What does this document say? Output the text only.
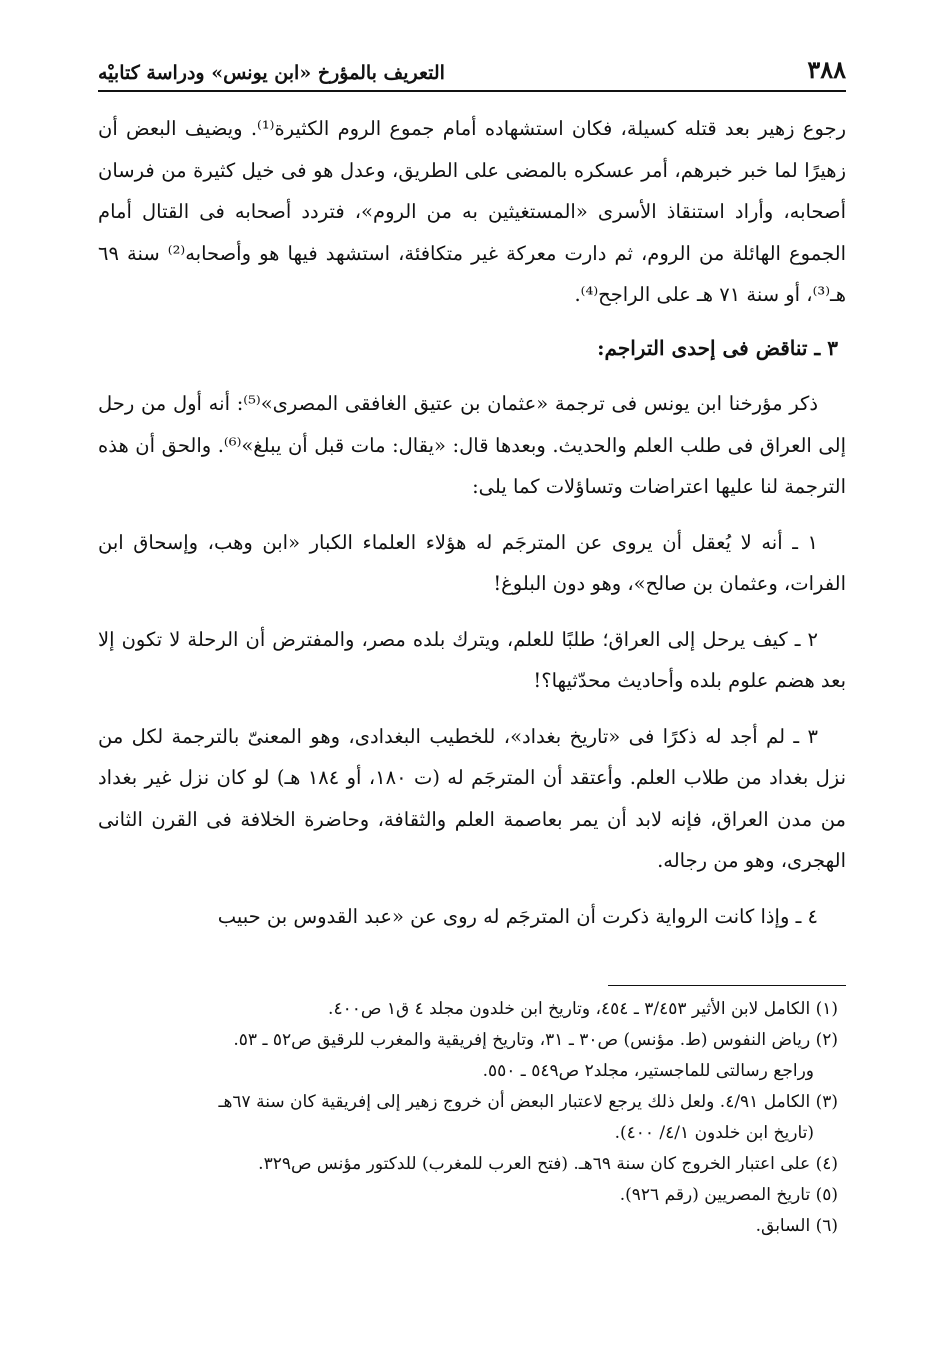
٣٨٨
التعريف بالمؤرخ «ابن يونس» ودراسة كتابيْه

رجوع زهير بعد قتله كسيلة، فكان استشهاده أمام جموع الروم الكثيرة⁽¹⁾. ويضيف البعض أن زهيرًا لما خبر خبرهم، أمر عسكره بالمضى على الطريق، وعدل هو فى خيل كثيرة من فرسان أصحابه، وأراد استنقاذ الأسرى «المستغيثين به من الروم»، فتردد أصحابه فى القتال أمام الجموع الهائلة من الروم، ثم دارت معركة غير متكافئة، استشهد فيها هو وأصحابه⁽²⁾ سنة ٦٩ هـ⁽³⁾، أو سنة ٧١ هـ على الراجح⁽⁴⁾.

٣ ـ تناقض فى إحدى التراجم:

ذكر مؤرخنا ابن يونس فى ترجمة «عثمان بن عتيق الغافقى المصرى»⁽⁵⁾: أنه أول من رحل إلى العراق فى طلب العلم والحديث. وبعدها قال: «يقال: مات قبل أن يبلغ»⁽⁶⁾. والحق أن هذه الترجمة لنا عليها اعتراضات وتساؤلات كما يلى:

١ ـ أنه لا يُعقل أن يروى عن المترجَم له هؤلاء العلماء الكبار «ابن وهب، وإسحاق ابن الفرات، وعثمان بن صالح»، وهو دون البلوغ!

٢ ـ كيف يرحل إلى العراق؛ طلبًا للعلم، ويترك بلده مصر، والمفترض أن الرحلة لا تكون إلا بعد هضم علوم بلده وأحاديث محدّثيها؟!

٣ ـ لم أجد له ذكرًا فى «تاريخ بغداد»، للخطيب البغدادى، وهو المعنىّ بالترجمة لكل من نزل بغداد من طلاب العلم. وأعتقد أن المترجَم له (ت ١٨٠، أو ١٨٤ هـ) لو كان نزل غير بغداد من مدن العراق، فإنه لابد أن يمر بعاصمة العلم والثقافة، وحاضرة الخلافة فى القرن الثانى الهجرى، وهو من رجاله.

٤ ـ وإذا كانت الرواية ذكرت أن المترجَم له روى عن «عبد القدوس بن حبيب

(١) الكامل لابن الأثير ٣/٤٥٣ ـ ٤٥٤، وتاريخ ابن خلدون مجلد ٤ ق١ ص٤٠٠.

(٢) رياض النفوس (ط. مؤنس) ص٣٠ ـ ٣١، وتاريخ إفريقية والمغرب للرقيق ص٥٢ ـ ٥٣.

وراجع رسالتى للماجستير، مجلد٢ ص٥٤٩ ـ ٥٥٠.

(٣) الكامل ٤/٩١. ولعل ذلك يرجع لاعتبار البعض أن خروج زهير إلى إفريقية كان سنة ٦٧هـ

(تاريخ ابن خلدون ٤/١/ ٤٠٠).

(٤) على اعتبار الخروج كان سنة ٦٩هـ. (فتح العرب للمغرب) للدكتور مؤنس ص٣٢٩.

(٥) تاريخ المصريين (رقم ٩٢٦).

(٦) السابق.
